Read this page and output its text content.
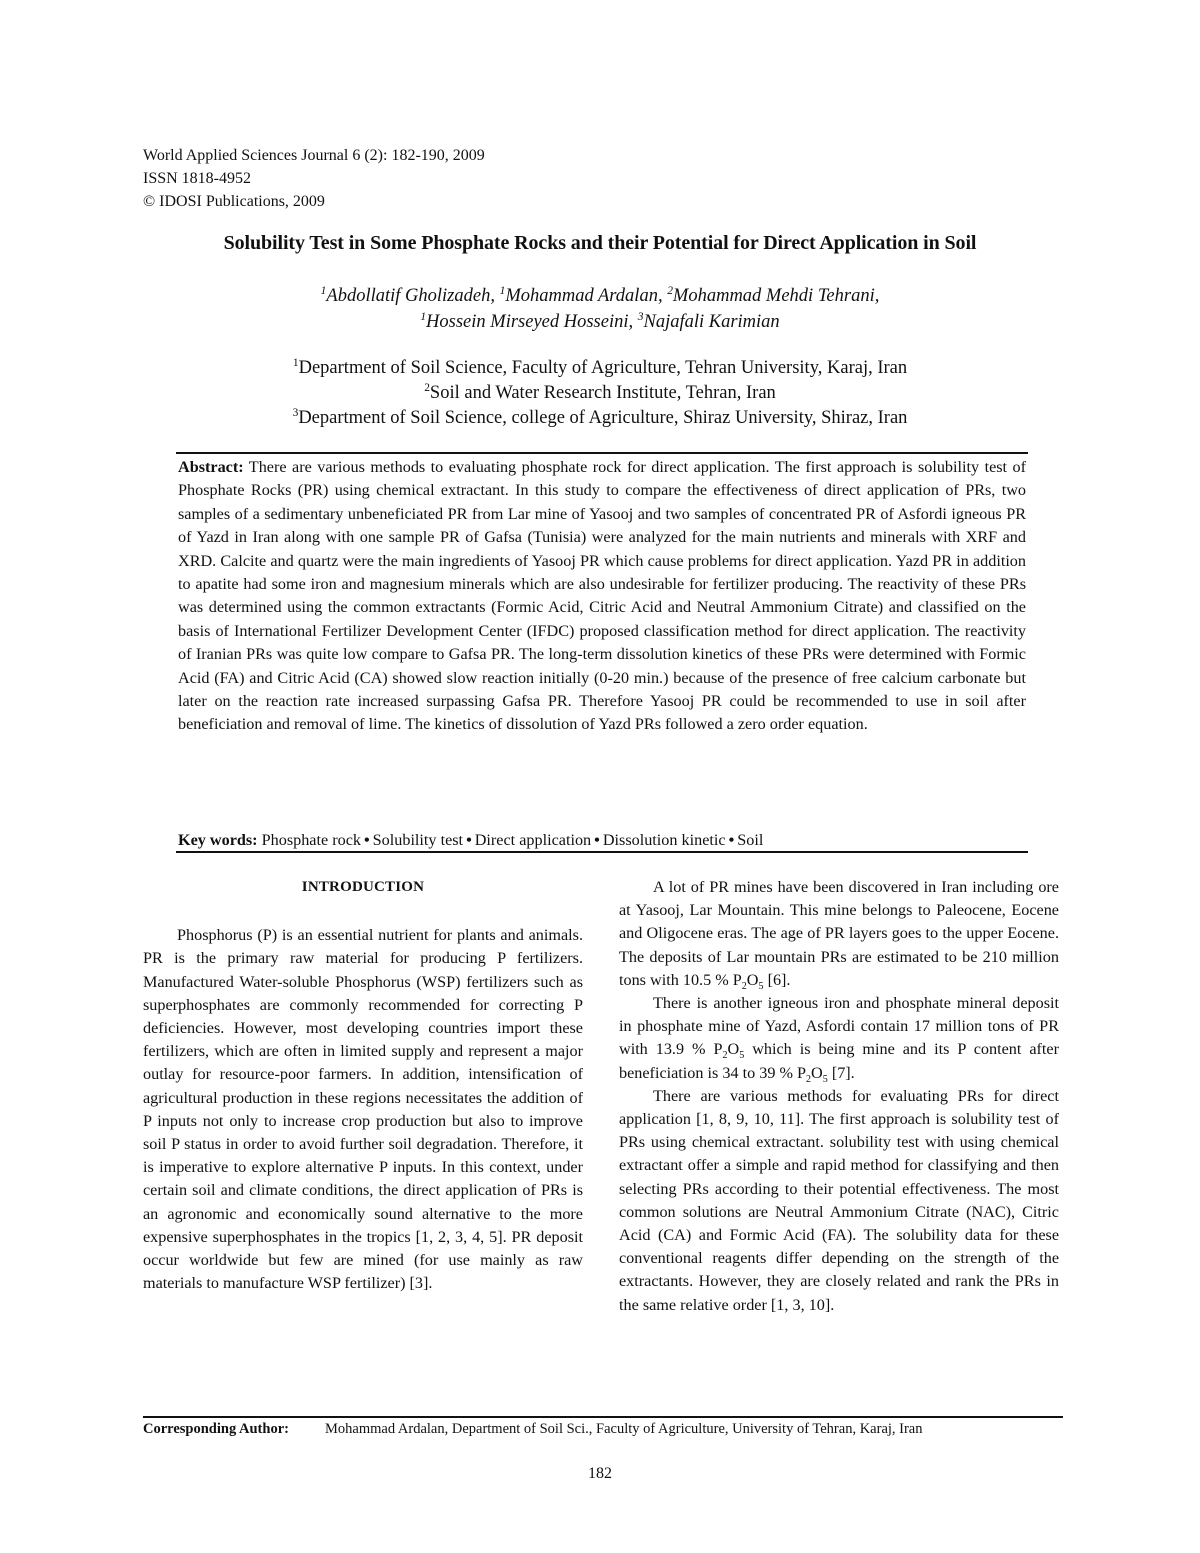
World Applied Sciences Journal 6 (2): 182-190, 2009
ISSN 1818-4952
© IDOSI Publications, 2009
Solubility Test in Some Phosphate Rocks and their Potential for Direct Application in Soil
$^1$Abdollatif Gholizadeh, $^1$Mohammad Ardalan, $^2$Mohammad Mehdi Tehrani,
$^1$Hossein Mirseyed Hosseini, $^3$Najafali Karimian
$^1$Department of Soil Science, Faculty of Agriculture, Tehran University, Karaj, Iran
$^2$Soil and Water Research Institute, Tehran, Iran
$^3$Department of Soil Science, college of Agriculture, Shiraz University, Shiraz, Iran
Abstract: There are various methods to evaluating phosphate rock for direct application. The first approach is solubility test of Phosphate Rocks (PR) using chemical extractant. In this study to compare the effectiveness of direct application of PRs, two samples of a sedimentary unbeneficiated PR from Lar mine of Yasooj and two samples of concentrated PR of Asfordi igneous PR of Yazd in Iran along with one sample PR of Gafsa (Tunisia) were analyzed for the main nutrients and minerals with XRF and XRD. Calcite and quartz were the main ingredients of Yasooj PR which cause problems for direct application. Yazd PR in addition to apatite had some iron and magnesium minerals which are also undesirable for fertilizer producing. The reactivity of these PRs was determined using the common extractants (Formic Acid, Citric Acid and Neutral Ammonium Citrate) and classified on the basis of International Fertilizer Development Center (IFDC) proposed classification method for direct application. The reactivity of Iranian PRs was quite low compare to Gafsa PR. The long-term dissolution kinetics of these PRs were determined with Formic Acid (FA) and Citric Acid (CA) showed slow reaction initially (0-20 min.) because of the presence of free calcium carbonate but later on the reaction rate increased surpassing Gafsa PR. Therefore Yasooj PR could be recommended to use in soil after beneficiation and removal of lime. The kinetics of dissolution of Yazd PRs followed a zero order equation.
Key words: Phosphate rock • Solubility test • Direct application • Dissolution kinetic • Soil
INTRODUCTION

Phosphorus (P) is an essential nutrient for plants and animals. PR is the primary raw material for producing P fertilizers. Manufactured Water-soluble Phosphorus (WSP) fertilizers such as superphosphates are commonly recommended for correcting P deficiencies. However, most developing countries import these fertilizers, which are often in limited supply and represent a major outlay for resource-poor farmers. In addition, intensification of agricultural production in these regions necessitates the addition of P inputs not only to increase crop production but also to improve soil P status in order to avoid further soil degradation. Therefore, it is imperative to explore alternative P inputs. In this context, under certain soil and climate conditions, the direct application of PRs is an agronomic and economically sound alternative to the more expensive superphosphates in the tropics [1, 2, 3, 4, 5]. PR deposit occur worldwide but few are mined (for use mainly as raw materials to manufacture WSP fertilizer) [3].

A lot of PR mines have been discovered in Iran including ore at Yasooj, Lar Mountain. This mine belongs to Paleocene, Eocene and Oligocene eras. The age of PR layers goes to the upper Eocene. The deposits of Lar mountain PRs are estimated to be 210 million tons with 10.5 % $P_2O_5$ [6].

There is another igneous iron and phosphate mineral deposit in phosphate mine of Yazd, Asfordi contain 17 million tons of PR with 13.9 % $P_2O_5$ which is being mine and its P content after beneficiation is 34 to 39 % $P_2O_5$ [7].

There are various methods for evaluating PRs for direct application [1, 8, 9, 10, 11]. The first approach is solubility test of PRs using chemical extractant. solubility test with using chemical extractant offer a simple and rapid method for classifying and then selecting PRs according to their potential effectiveness. The most common solutions are Neutral Ammonium Citrate (NAC), Citric Acid (CA) and Formic Acid (FA). The solubility data for these conventional reagents differ depending on the strength of the extractants. However, they are closely related and rank the PRs in the same relative order [1, 3, 10].

Corresponding Author: Mohammad Ardalan, Department of Soil Sci., Faculty of Agriculture, University of Tehran, Karaj, Iran
182
